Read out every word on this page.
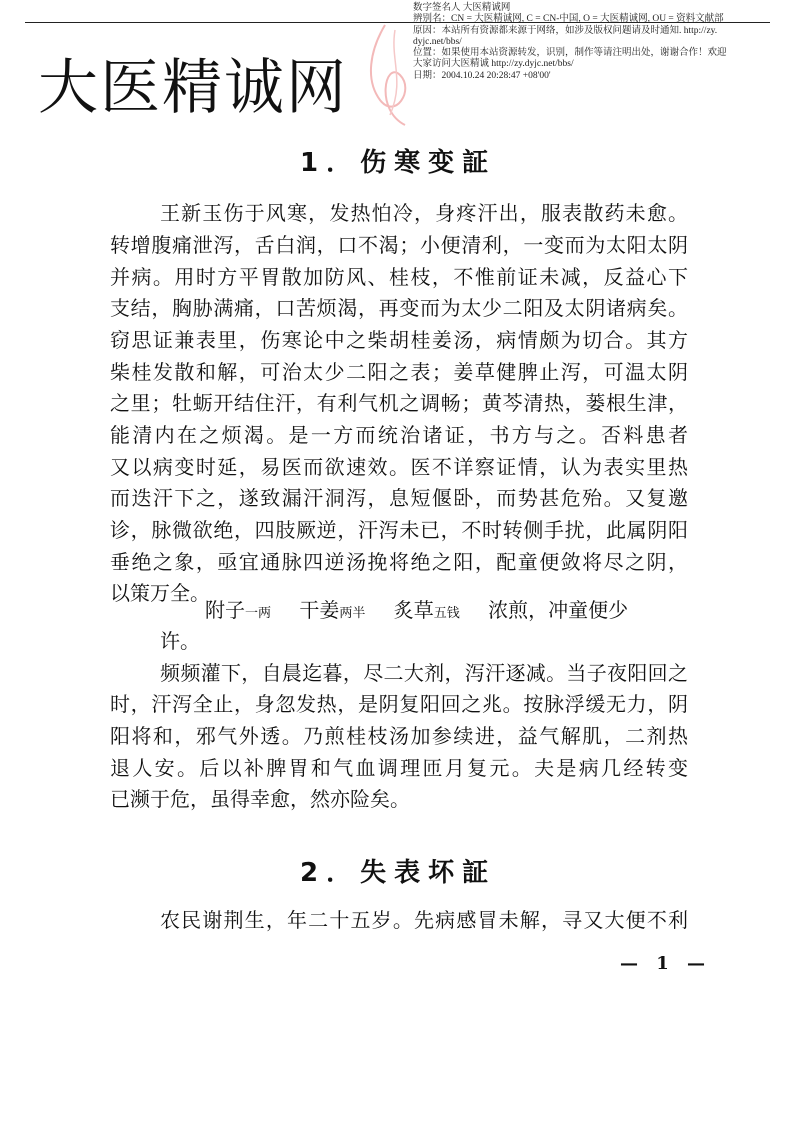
大医精诚网
数字签名人 大医精诚网
辨别名：CN = 大医精诚网, C = CN-中国, O = 大医精诚网, OU = 资料文献部
原因：本站所有资源都来源于网络，如涉及版权问题请及时通知. http://zy.
dyjc.net/bbs/
位置：如果使用本站资源转发，识别，制作等请注明出处，谢谢合作！欢迎
大家访问大医精诚 http://zy.dyjc.net/bbs/
日期：2004.10.24 20:28:47 +08'00'
1．伤寒变証
王新玉伤于风寒，发热怕冷，身疼汗出，服表散药未愈。
转增腹痛泄泻，舌白润，口不渴；小便清利，一变而为太阳太阴
并病。用时方平胃散加防风、桂枝，不惟前证未减，反益心下
支结，胸胁满痛，口苦烦渴，再变而为太少二阳及太阴诸病矣。
窃思证兼表里，伤寒论中之柴胡桂姜汤，病情颇为切合。其方
柴桂发散和解，可治太少二阳之表；姜草健脾止泻，可温太阴
之里；牡蛎开结住汗，有利气机之调畅；黄芩清热，蒌根生津，
能清内在之烦渴。是一方而统治诸证，书方与之。否料患者
又以病变时延，易医而欲速效。医不详察证情，认为表实里热
而迭汗下之，遂致漏汗洞泻，息短偃卧，而势甚危殆。又复邀
诊，脉微欲绝，四肢厥逆，汗泻未已，不时转侧手扰，此属阴阳
垂绝之象，亟宜通脉四逆汤挽将绝之阳，配童便敛将尽之阴，
以策万全。
附子一两 干姜两半 炙草五钱 浓煎，冲童便少
许。
频频灌下，自晨迄暮，尽二大剂，泻汗逐减。当子夜阳回之
时，汗泻全止，身忽发热，是阴复阳回之兆。按脉浮缓无力，阴
阳将和，邪气外透。乃煎桂枝汤加参续进，益气解肌，二剂热
退人安。后以补脾胃和气血调理匝月复元。夫是病几经转变
已濒于危，虽得幸愈，然亦险矣。
2．失表坏証
农民谢荆生，年二十五岁。先病感冒未解，寻又大便不利
— 1 —
